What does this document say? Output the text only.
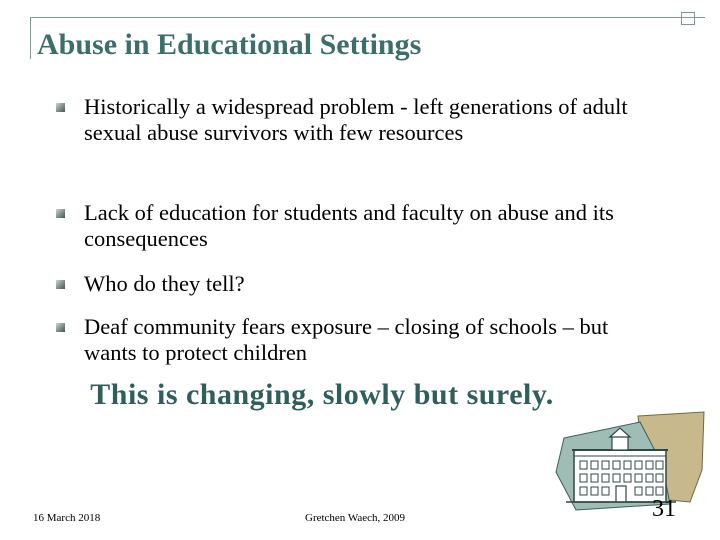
Abuse in Educational Settings
Historically a widespread problem - left generations of adult sexual abuse survivors with few resources
Lack of education for students and faculty on abuse and its consequences
Who do they tell?
Deaf community fears exposure – closing of schools – but wants to protect children
This is changing, slowly but surely.
16 March 2018	Gretchen Waech, 2009	31
